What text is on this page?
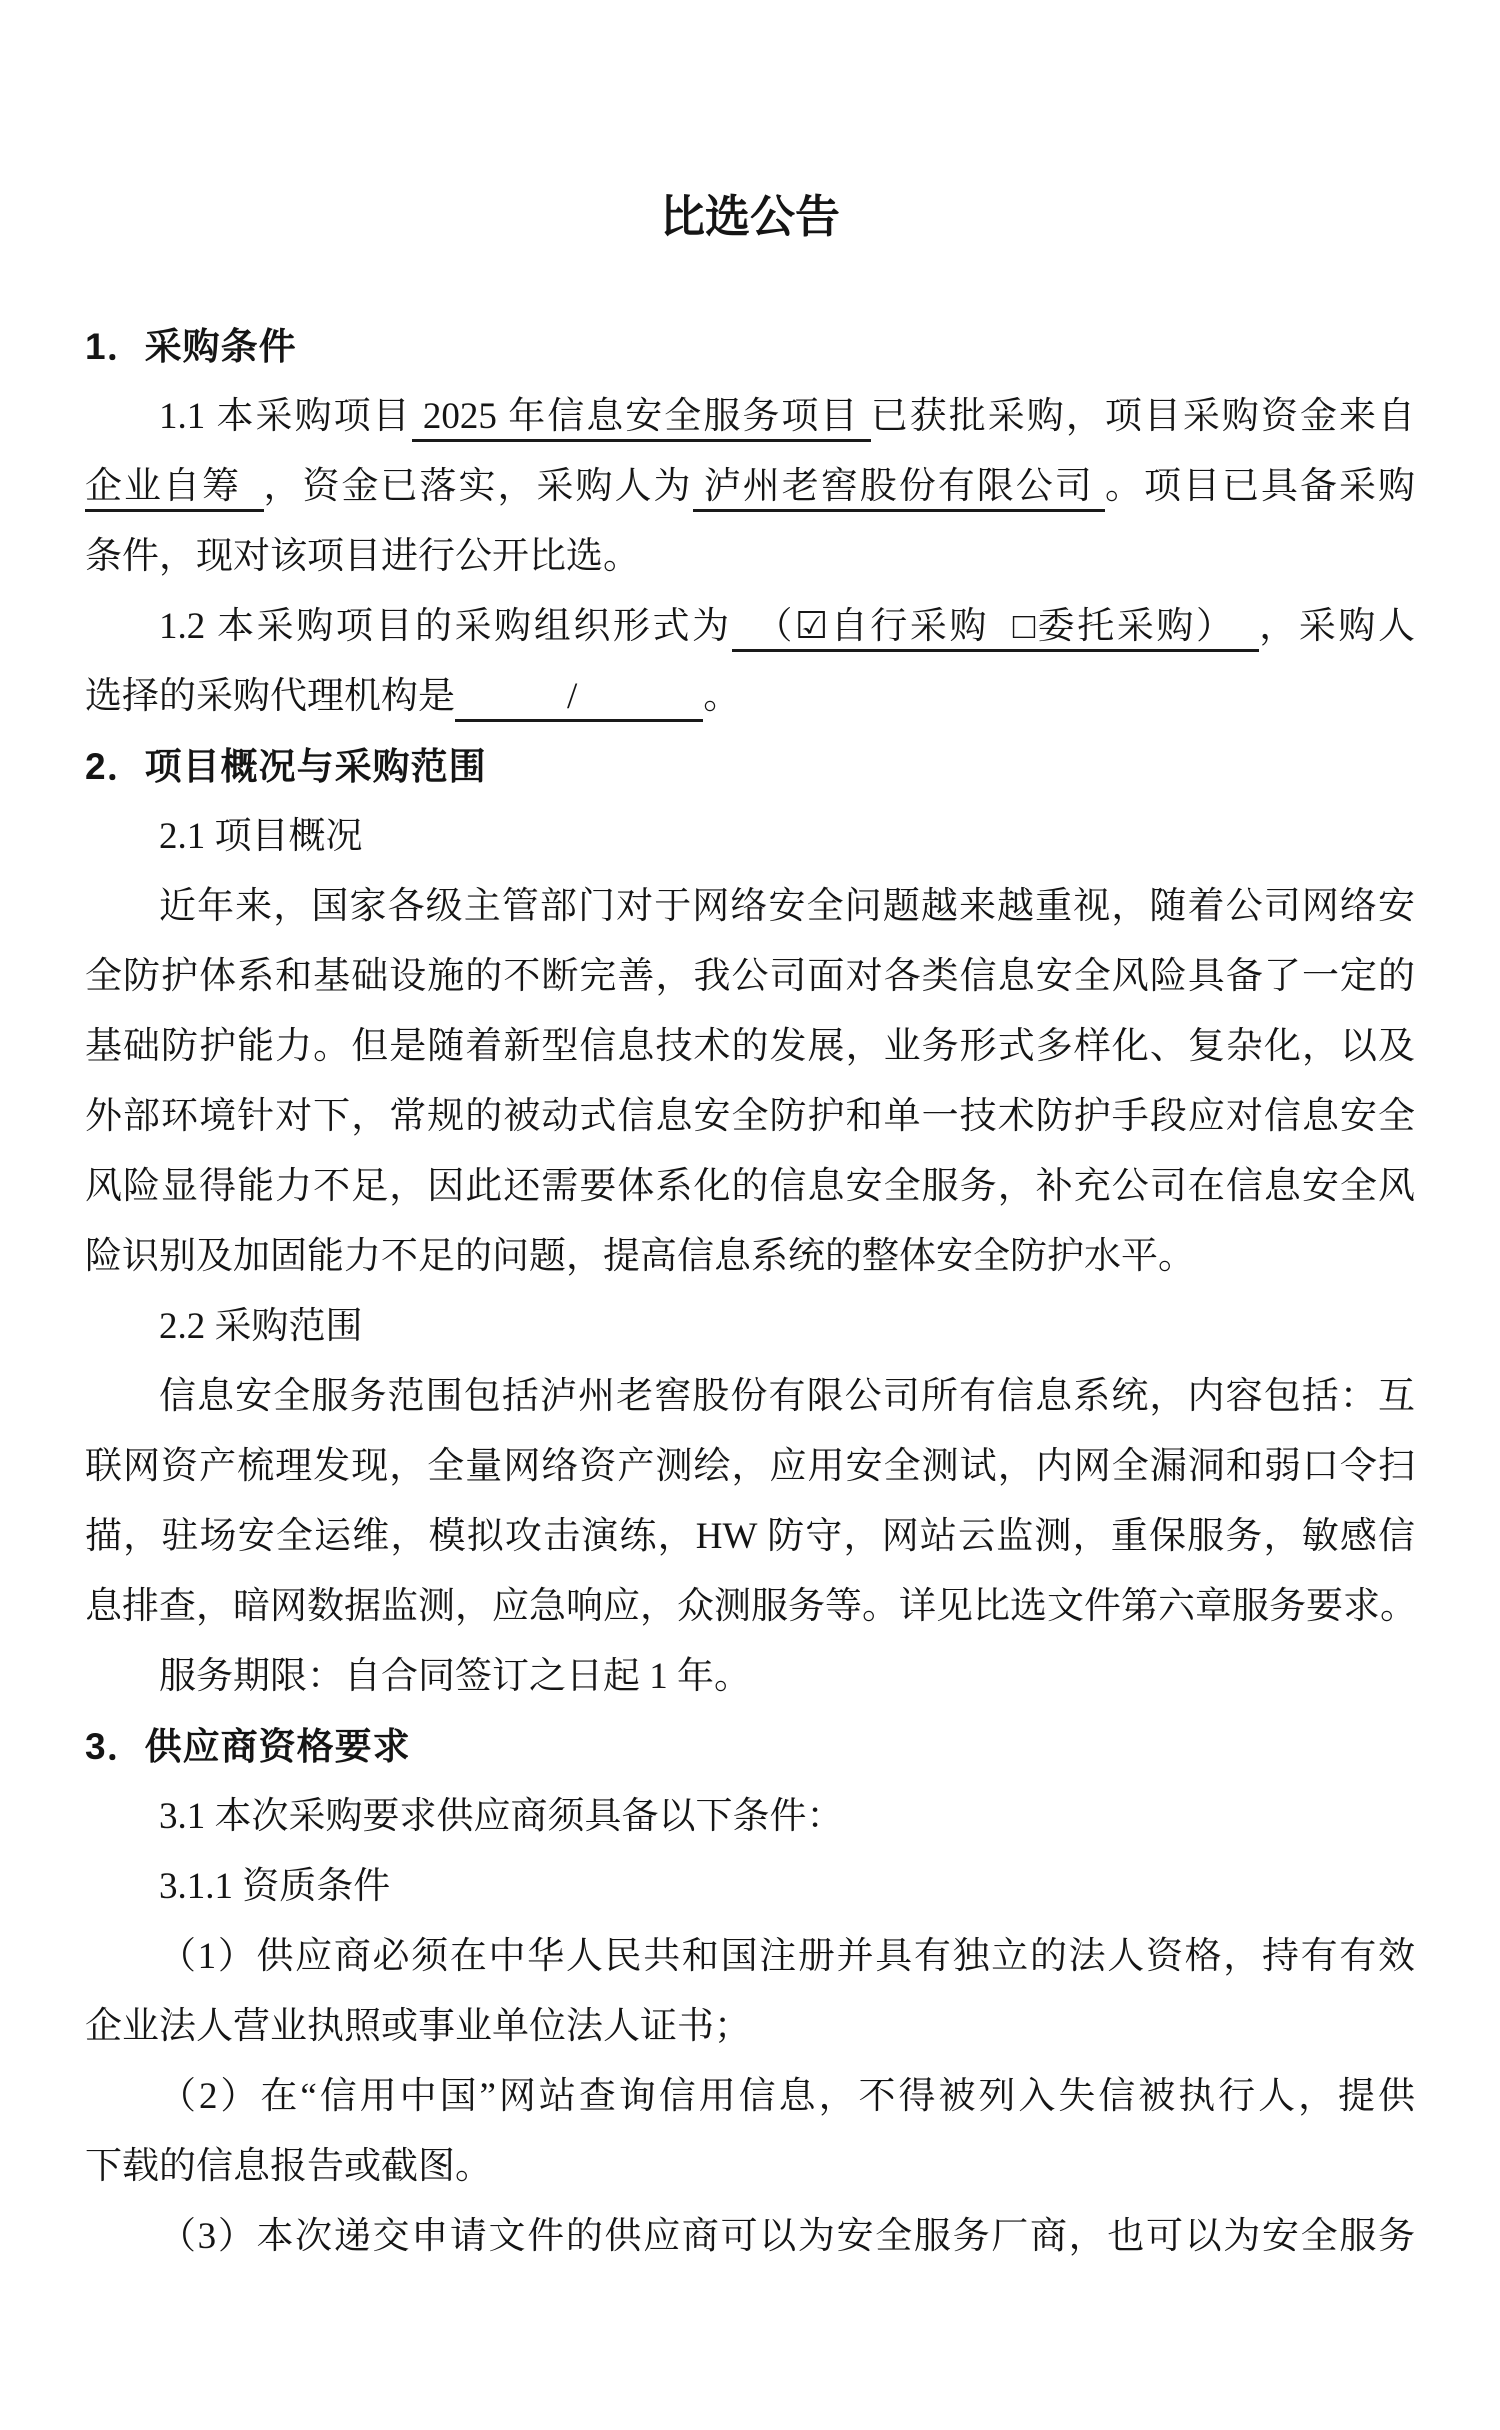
比选公告
1．采购条件
1.1 本采购项目 2025 年信息安全服务项目 已获批采购，项目采购资金来自
企业自筹  ，资金已落实，采购人为 泸州老窖股份有限公司 。项目已具备采购
条件，现对该项目进行公开比选。
1.2 本采购项目的采购组织形式为  （☑自行采购 □委托采购）  ，采购人
选择的采购代理机构是	/	。
2．项目概况与采购范围
2.1 项目概况
近年来，国家各级主管部门对于网络安全问题越来越重视，随着公司网络安
全防护体系和基础设施的不断完善，我公司面对各类信息安全风险具备了一定的
基础防护能力。但是随着新型信息技术的发展，业务形式多样化、复杂化，以及
外部环境针对下，常规的被动式信息安全防护和单一技术防护手段应对信息安全
风险显得能力不足，因此还需要体系化的信息安全服务，补充公司在信息安全风
险识别及加固能力不足的问题，提高信息系统的整体安全防护水平。
2.2 采购范围
信息安全服务范围包括泸州老窖股份有限公司所有信息系统，内容包括：互
联网资产梳理发现，全量网络资产测绘，应用安全测试，内网全漏洞和弱口令扫
描，驻场安全运维，模拟攻击演练，HW 防守，网站云监测，重保服务，敏感信
息排查，暗网数据监测，应急响应，众测服务等。详见比选文件第六章服务要求。
服务期限：自合同签订之日起 1 年。
3．供应商资格要求
3.1 本次采购要求供应商须具备以下条件：
3.1.1 资质条件
（1）供应商必须在中华人民共和国注册并具有独立的法人资格，持有有效
企业法人营业执照或事业单位法人证书；
（2）在“信用中国”网站查询信用信息，不得被列入失信被执行人，提供
下载的信息报告或截图。
（3）本次递交申请文件的供应商可以为安全服务厂商，也可以为安全服务
